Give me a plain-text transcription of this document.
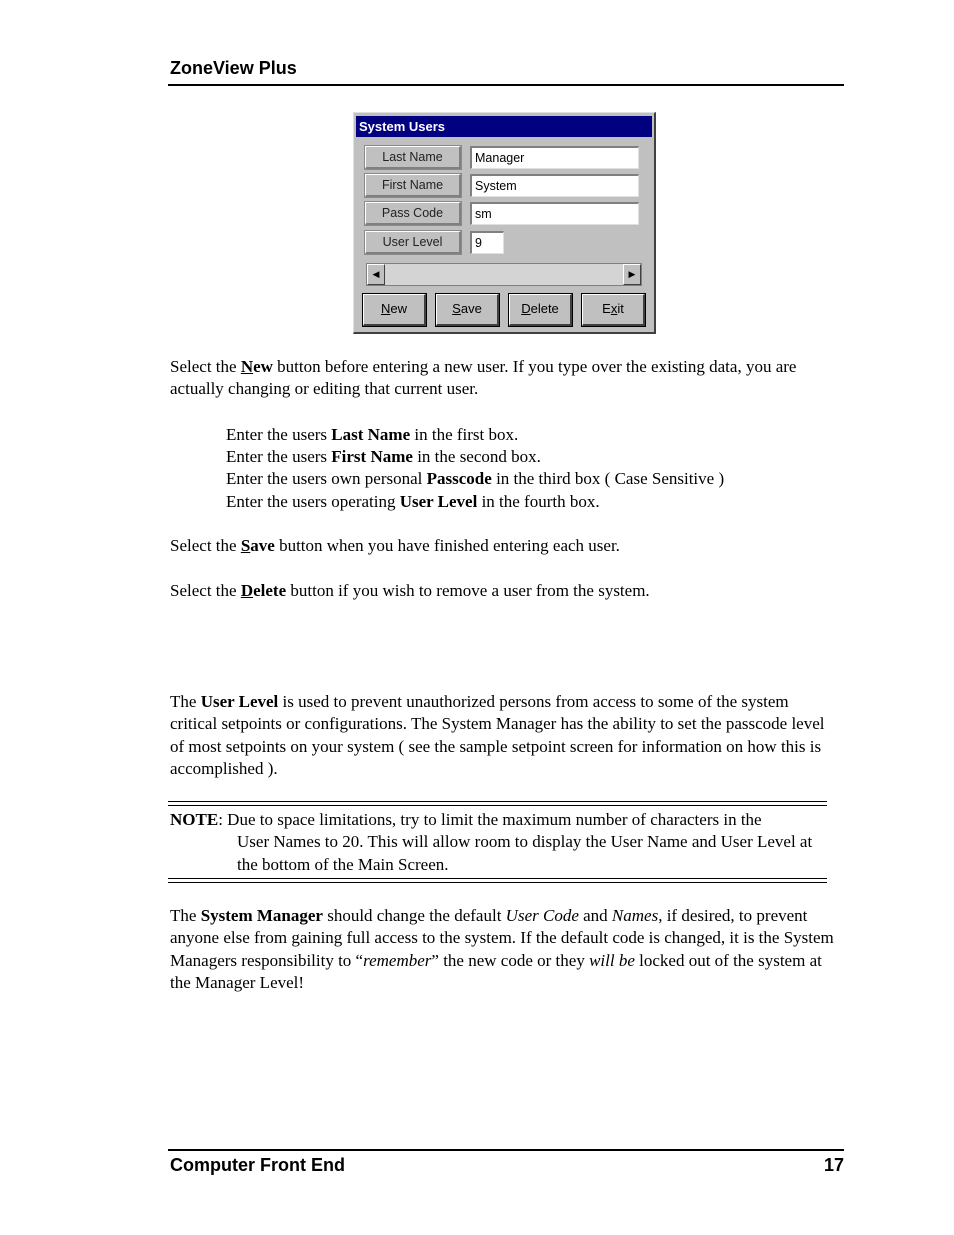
ZoneView Plus
System Users
Last Name	Manager
First Name	System
Pass Code	sm
User Level	9
◀	▶
New	Save	Delete	Exit
Select the New button before entering a new user. If you type over the existing data, you are actually changing or editing that current user.
Enter the users Last Name in the first box.
Enter the users First Name in the second box.
Enter the users own personal Passcode in the third box ( Case Sensitive )
Enter the users operating User Level in the fourth box.
Select the Save button when you have finished entering each user.
Select the Delete button if you wish to remove a user from the system.
The User Level is used to prevent unauthorized persons from access to some of the system critical setpoints or configurations. The System Manager has the ability to set the passcode level of most setpoints on your system ( see the sample setpoint screen for information on how this is accomplished ).
NOTE: Due to space limitations, try to limit the maximum number of characters in the
User Names to 20. This will allow room to display the User Name and User Level at the bottom of the Main Screen.
The System Manager should change the default User Code and Names, if desired, to prevent anyone else from gaining full access to the system. If the default code is changed, it is the System Managers responsibility to “remember” the new code or they will be locked out of the system at the Manager Level!
Computer Front End	17
